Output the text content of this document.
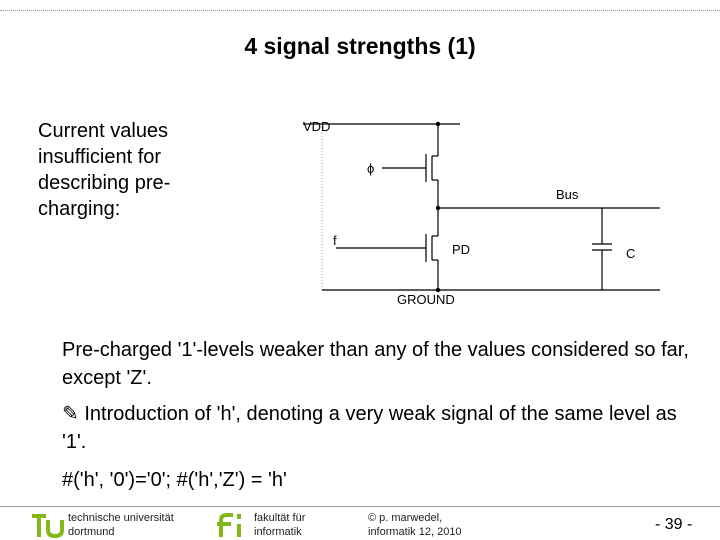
4 signal strengths (1)
Current values insufficient for describing pre-charging:
VDD
ϕ
Bus
f
PD	C
GROUND
Pre-charged '1'-levels weaker than any of the values considered so far, except 'Z'.
✎ Introduction of 'h', denoting a very weak signal of the same level as '1'.
#('h', '0')='0'; #('h','Z') = 'h'
technische universität
dortmund
fakultät für
informatik
© p. marwedel,
informatik 12, 2010	- 39 -
